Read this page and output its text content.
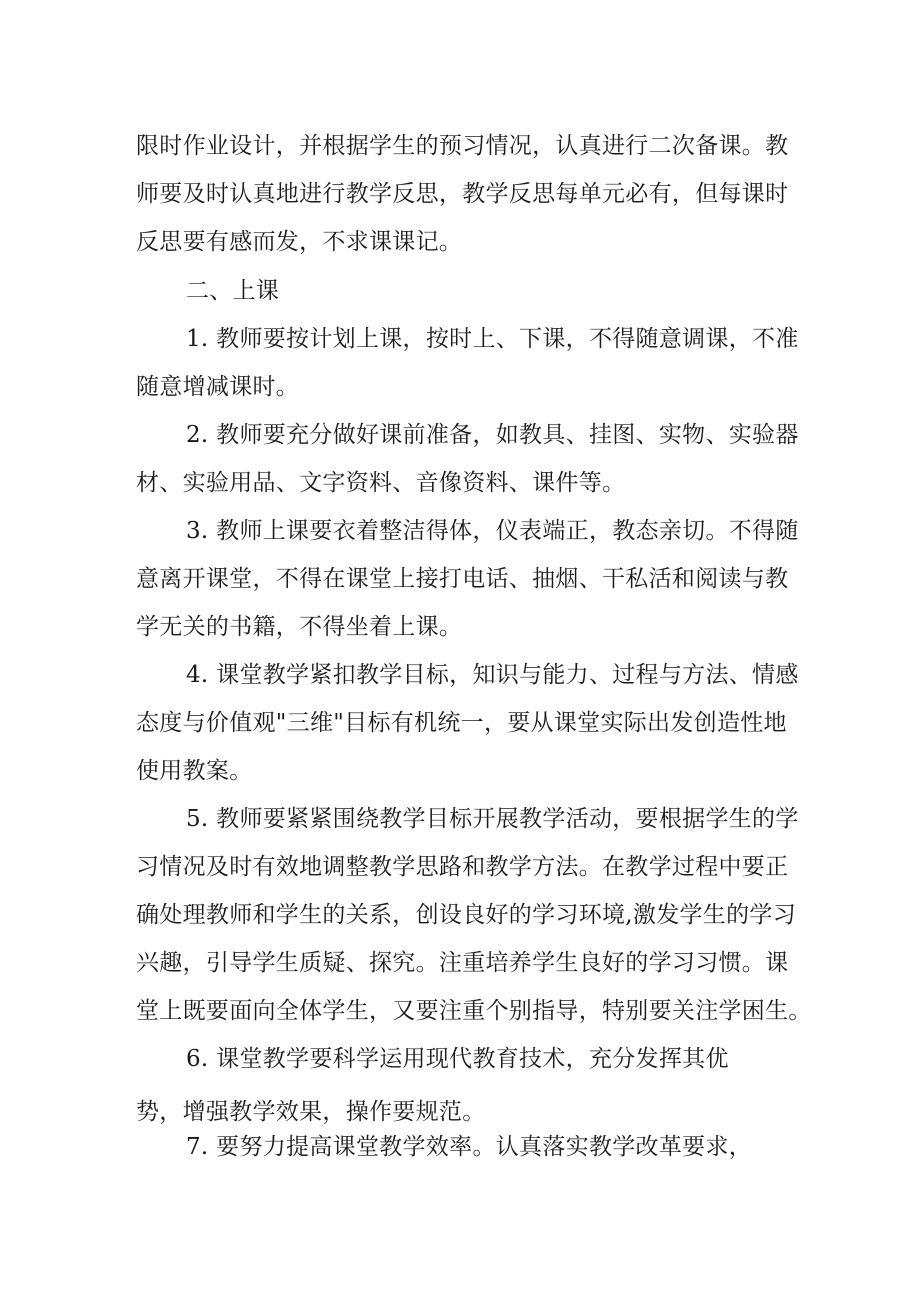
限时作业设计，并根据学生的预习情况，认真进行二次备课。教
师要及时认真地进行教学反思，教学反思每单元必有，但每课时
反思要有感而发，不求课课记。
二、上课
1. 教师要按计划上课，按时上、下课，不得随意调课，不准
随意增减课时。
2. 教师要充分做好课前准备，如教具、挂图、实物、实验器
材、实验用品、文字资料、音像资料、课件等。
3. 教师上课要衣着整洁得体，仪表端正，教态亲切。不得随
意离开课堂，不得在课堂上接打电话、抽烟、干私活和阅读与教
学无关的书籍，不得坐着上课。
4. 课堂教学紧扣教学目标，知识与能力、过程与方法、情感
态度与价值观"三维"目标有机统一，要从课堂实际出发创造性地
使用教案。
5. 教师要紧紧围绕教学目标开展教学活动，要根据学生的学
习情况及时有效地调整教学思路和教学方法。在教学过程中要正
确处理教师和学生的关系，创设良好的学习环境,激发学生的学习
兴趣，引导学生质疑、探究。注重培养学生良好的学习习惯。课
堂上既要面向全体学生，又要注重个别指导，特别要关注学困生。
6. 课堂教学要科学运用现代教育技术，充分发挥其优
势，增强教学效果，操作要规范。
7. 要努力提高课堂教学效率。认真落实教学改革要求，
